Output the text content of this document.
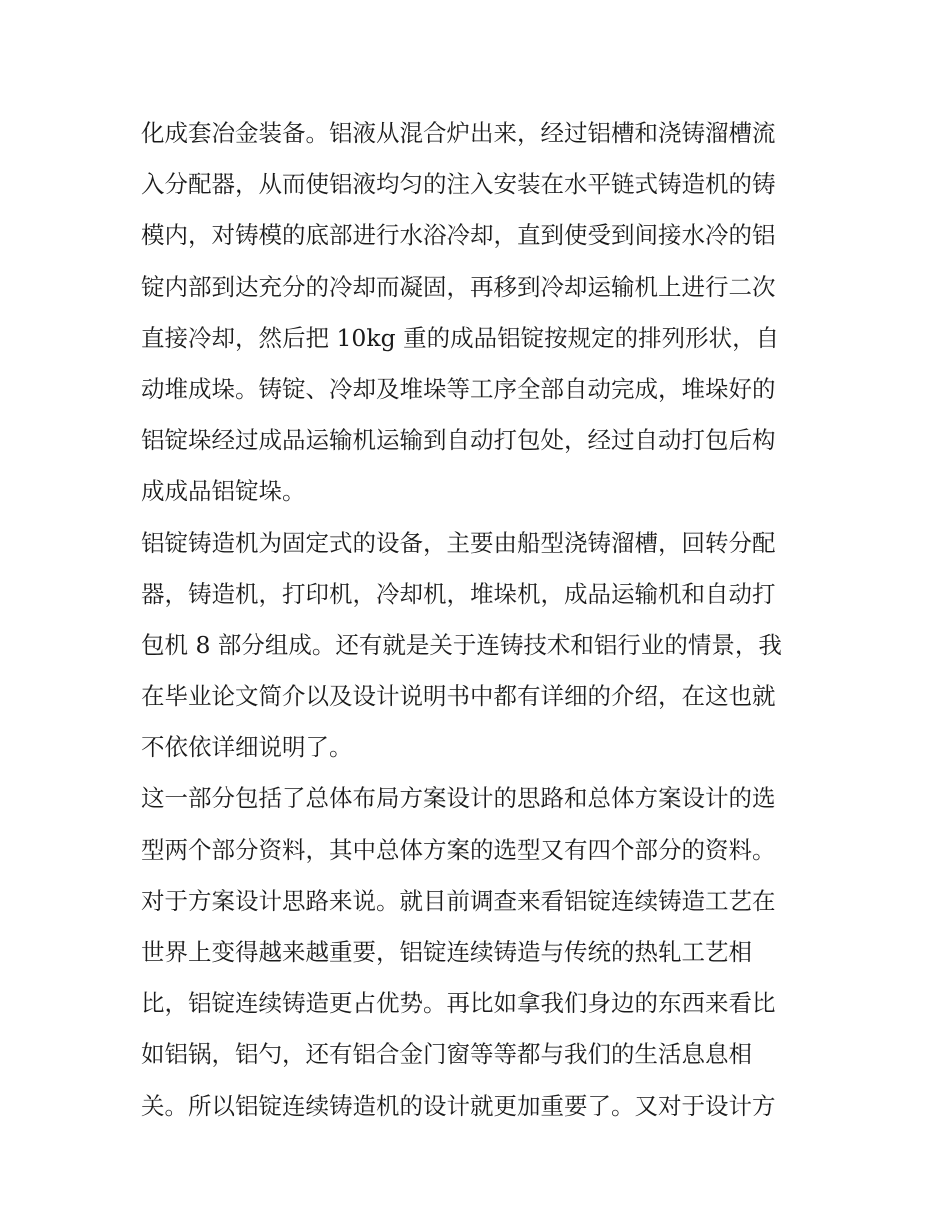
化成套冶金装备。铝液从混合炉出来，经过铝槽和浇铸溜槽流
入分配器，从而使铝液均匀的注入安装在水平链式铸造机的铸
模内，对铸模的底部进行水浴冷却，直到使受到间接水冷的铝
锭内部到达充分的冷却而凝固，再移到冷却运输机上进行二次
直接冷却，然后把 10kg 重的成品铝锭按规定的排列形状，自
动堆成垛。铸锭、冷却及堆垛等工序全部自动完成，堆垛好的
铝锭垛经过成品运输机运输到自动打包处，经过自动打包后构
成成品铝锭垛。
铝锭铸造机为固定式的设备，主要由船型浇铸溜槽，回转分配
器，铸造机，打印机，冷却机，堆垛机，成品运输机和自动打
包机 8 部分组成。还有就是关于连铸技术和铝行业的情景，我
在毕业论文简介以及设计说明书中都有详细的介绍，在这也就
不依依详细说明了。
这一部分包括了总体布局方案设计的思路和总体方案设计的选
型两个部分资料，其中总体方案的选型又有四个部分的资料。
对于方案设计思路来说。就目前调查来看铝锭连续铸造工艺在
世界上变得越来越重要，铝锭连续铸造与传统的热轧工艺相
比，铝锭连续铸造更占优势。再比如拿我们身边的东西来看比
如铝锅，铝勺，还有铝合金门窗等等都与我们的生活息息相
关。所以铝锭连续铸造机的设计就更加重要了。又对于设计方
